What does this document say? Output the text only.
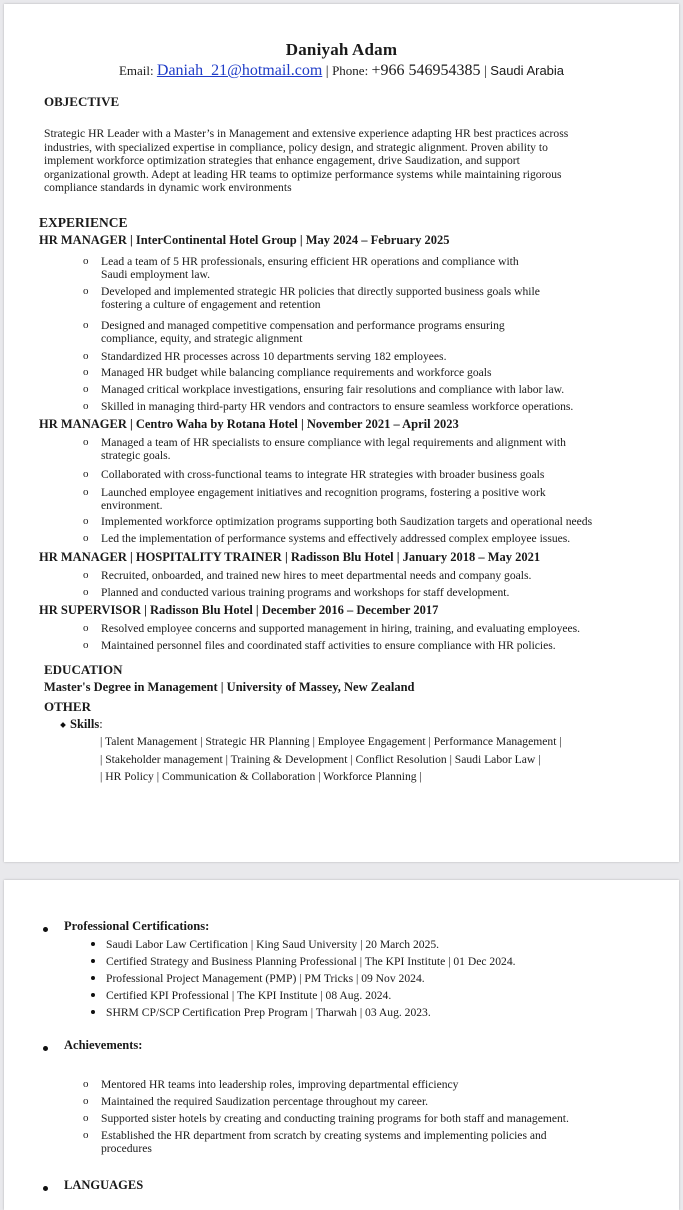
Daniyah Adam
Email: Daniah_21@hotmail.com | Phone: +966 546954385 | Saudi Arabia
OBJECTIVE
Strategic HR Leader with a Master’s in Management and extensive experience adapting HR best practices across
industries, with specialized expertise in compliance, policy design, and strategic alignment. Proven ability to
implement workforce optimization strategies that enhance engagement, drive Saudization, and support
organizational growth. Adept at leading HR teams to optimize performance systems while maintaining rigorous
compliance standards in dynamic work environments
EXPERIENCE
HR MANAGER | InterContinental Hotel Group | May 2024 – February 2025
o Lead a team of 5 HR professionals, ensuring efficient HR operations and compliance with
Saudi employment law.
o Developed and implemented strategic HR policies that directly supported business goals while
fostering a culture of engagement and retention
o Designed and managed competitive compensation and performance programs ensuring
compliance, equity, and strategic alignment
o Standardized HR processes across 10 departments serving 182 employees.
o Managed HR budget while balancing compliance requirements and workforce goals
o Managed critical workplace investigations, ensuring fair resolutions and compliance with labor law.
o Skilled in managing third-party HR vendors and contractors to ensure seamless workforce operations.
HR MANAGER | Centro Waha by Rotana Hotel | November 2021 – April 2023
o Managed a team of HR specialists to ensure compliance with legal requirements and alignment with
strategic goals.
o Collaborated with cross-functional teams to integrate HR strategies with broader business goals
o Launched employee engagement initiatives and recognition programs, fostering a positive work
environment.
o Implemented workforce optimization programs supporting both Saudization targets and operational needs
o Led the implementation of performance systems and effectively addressed complex employee issues.
HR MANAGER | HOSPITALITY TRAINER | Radisson Blu Hotel | January 2018 – May 2021
o Recruited, onboarded, and trained new hires to meet departmental needs and company goals.
o Planned and conducted various training programs and workshops for staff development.
HR SUPERVISOR | Radisson Blu Hotel | December 2016 – December 2017
o Resolved employee concerns and supported management in hiring, training, and evaluating employees.
o Maintained personnel files and coordinated staff activities to ensure compliance with HR policies.
EDUCATION
Master's Degree in Management | University of Massey, New Zealand
OTHER
Skills:
| Talent Management | Strategic HR Planning | Employee Engagement | Performance Management |
| Stakeholder management | Training & Development | Conflict Resolution | Saudi Labor Law |
| HR Policy | Communication & Collaboration | Workforce Planning |
Professional Certifications:
Saudi Labor Law Certification | King Saud University | 20 March 2025.
Certified Strategy and Business Planning Professional | The KPI Institute | 01 Dec 2024.
Professional Project Management (PMP) | PM Tricks | 09 Nov 2024.
Certified KPI Professional | The KPI Institute | 08 Aug. 2024.
SHRM CP/SCP Certification Prep Program | Tharwah | 03 Aug. 2023.
Achievements:
o Mentored HR teams into leadership roles, improving departmental efficiency
o Maintained the required Saudization percentage throughout my career.
o Supported sister hotels by creating and conducting training programs for both staff and management.
o Established the HR department from scratch by creating systems and implementing policies and
procedures
LANGUAGES
